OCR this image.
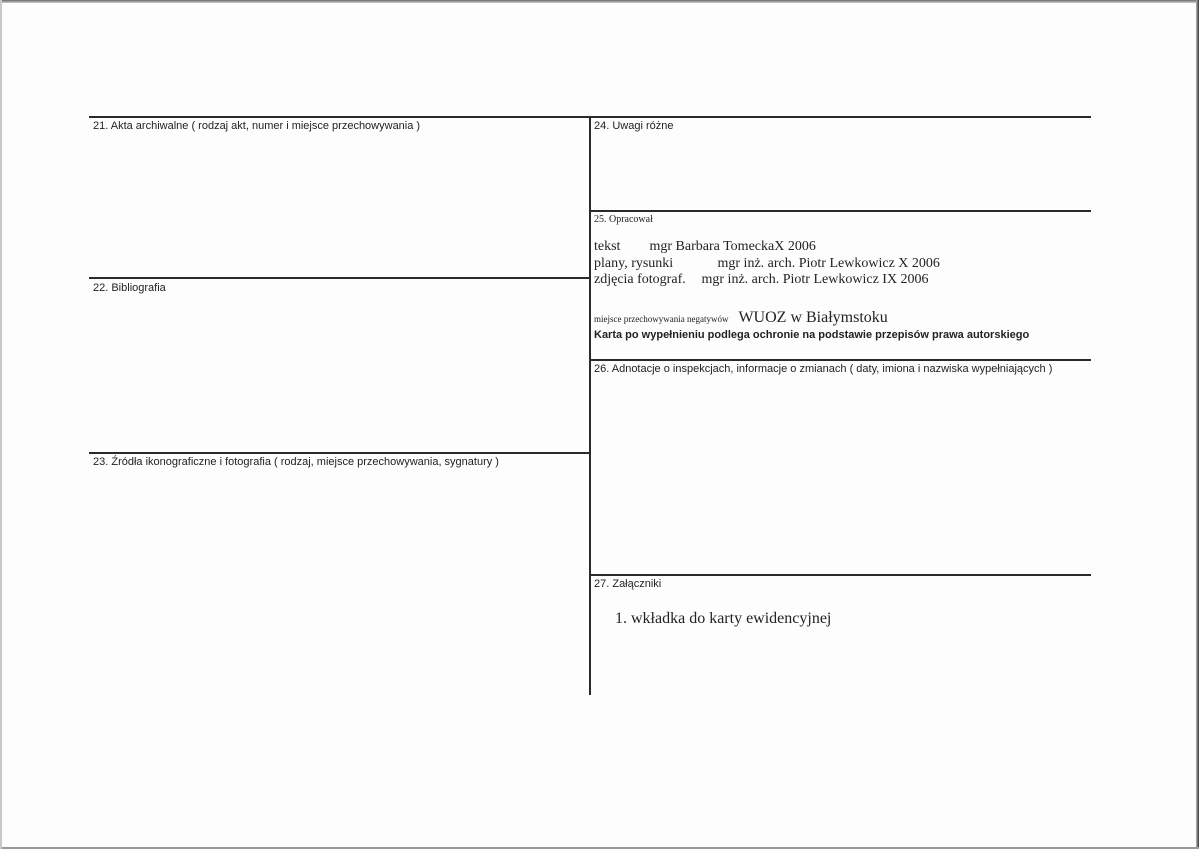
21. Akta archiwalne ( rodzaj akt, numer i miejsce przechowywania )
22. Bibliografia
23. Źródła ikonograficzne i fotografia ( rodzaj, miejsce przechowywania, sygnatury )
24. Uwagi różne
25. Opracował
tekst mgr Barbara TomeckaX 2006
plany, rysunki	mgr inż. arch. Piotr Lewkowicz X 2006
zdjęcia fotograf. mgr inż. arch. Piotr Lewkowicz IX 2006
miejsce przechowywania negatywów WUOZ w Białymstoku
Karta po wypełnieniu podlega ochronie na podstawie przepisów prawa autorskiego
26. Adnotacje o inspekcjach, informacje o zmianach ( daty, imiona i nazwiska wypełniających )
27. Załączniki
1. wkładka do karty ewidencyjnej
